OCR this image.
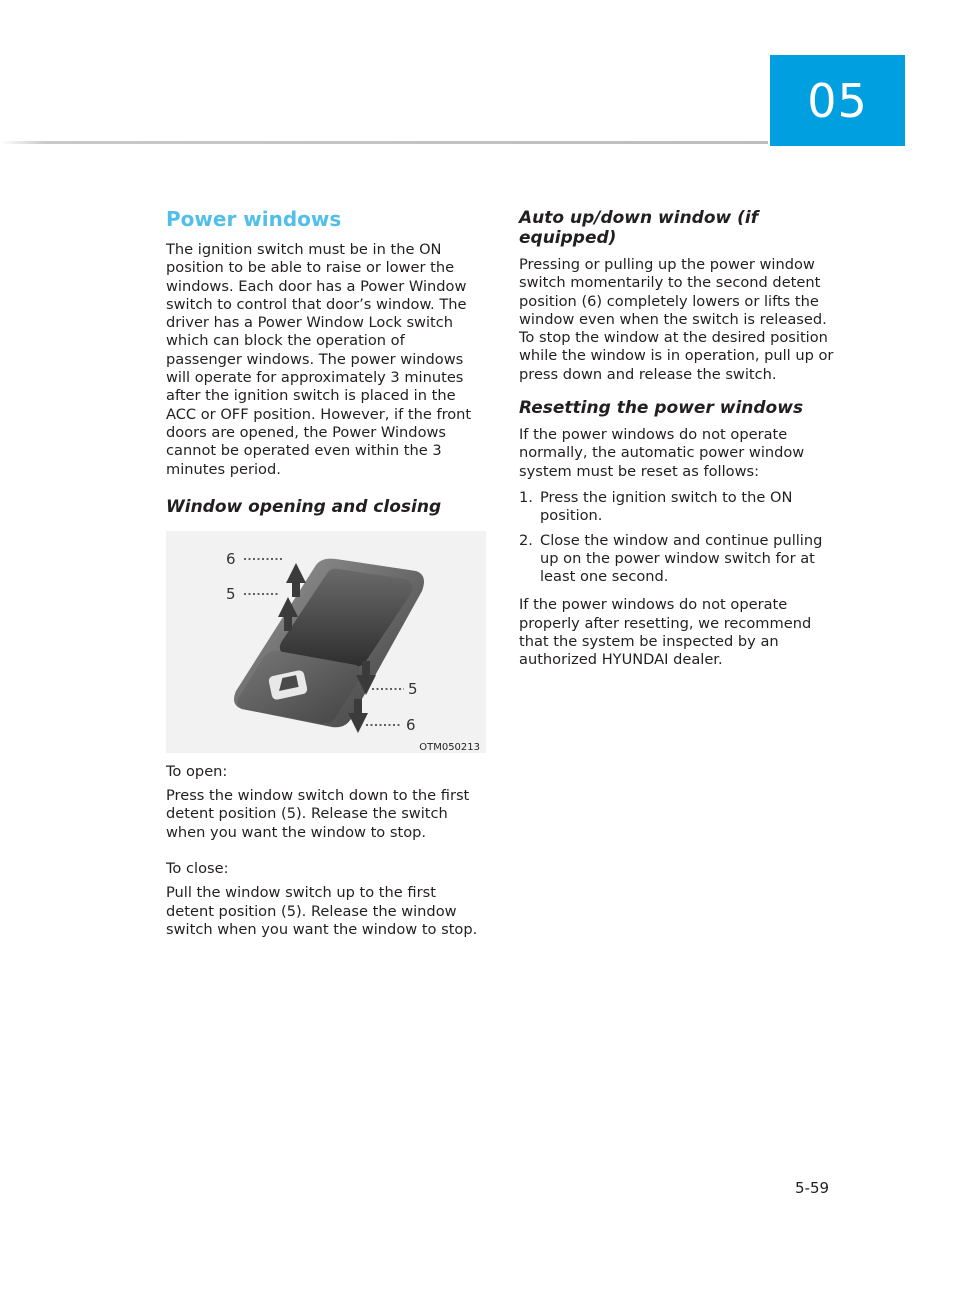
05
Power windows

The ignition switch must be in the ON position to be able to raise or lower the windows. Each door has a Power Window switch to control that door’s window. The driver has a Power Window Lock switch which can block the operation of passenger windows. The power windows will operate for approximately 3 minutes after the ignition switch is placed in the ACC or OFF position. However, if the front doors are opened, the Power Windows cannot be operated even within the 3 minutes period.

Window opening and closing
6
5
5
6
OTM050213

To open:

Press the window switch down to the first detent position (5). Release the switch when you want the window to stop.

To close:

Pull the window switch up to the first detent position (5). Release the window switch when you want the window to stop.

Auto up/down window (if equipped)

Pressing or pulling up the power window switch momentarily to the second detent position (6) completely lowers or lifts the window even when the switch is released. To stop the window at the desired position while the window is in operation, pull up or press down and release the switch.

Resetting the power windows

If the power windows do not operate normally, the automatic power window system must be reset as follows:

1. Press the ignition switch to the ON position.
2. Close the window and continue pulling up on the power window switch for at least one second.

If the power windows do not operate properly after resetting, we recommend that the system be inspected by an authorized HYUNDAI dealer.

5-59
